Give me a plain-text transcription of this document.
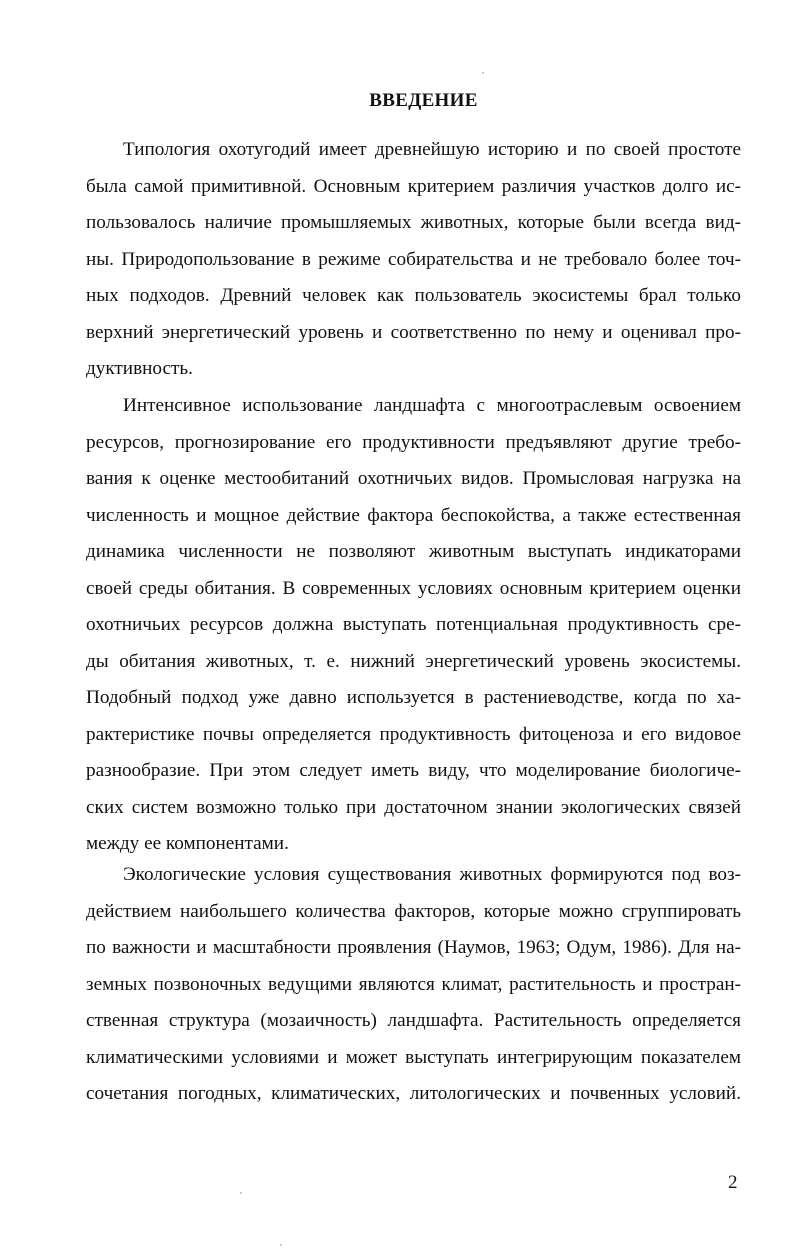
ВВЕДЕНИЕ

Типология охотугодий имеет древнейшую историю и по своей простоте
была самой примитивной. Основным критерием различия участков долго ис-
пользовалось наличие промышляемых животных, которые были всегда вид-
ны. Природопользование в режиме собирательства и не требовало более точ-
ных подходов. Древний человек как пользователь экосистемы брал только
верхний энергетический уровень и соответственно по нему и оценивал про-
дуктивность.

Интенсивное использование ландшафта с многоотраслевым освоением
ресурсов, прогнозирование его продуктивности предъявляют другие требо-
вания к оценке местообитаний охотничьих видов. Промысловая нагрузка на
численность и мощное действие фактора беспокойства, а также естественная
динамика численности не позволяют животным выступать индикаторами
своей среды обитания. В современных условиях основным критерием оценки
охотничьих ресурсов должна выступать потенциальная продуктивность сре-
ды обитания животных, т. е. нижний энергетический уровень экосистемы.
Подобный подход уже давно используется в растениеводстве, когда по ха-
рактеристике почвы определяется продуктивность фитоценоза и его видовое
разнообразие. При этом следует иметь виду, что моделирование биологиче-
ских систем возможно только при достаточном знании экологических связей
между ее компонентами.

Экологические условия существования животных формируются под воз-
действием наибольшего количества факторов, которые можно сгруппировать
по важности и масштабности проявления (Наумов, 1963; Одум, 1986). Для на-
земных позвоночных ведущими являются климат, растительность и простран-
ственная структура (мозаичность) ландшафта. Растительность определяется
климатическими условиями и может выступать интегрирующим показателем
сочетания погодных, климатических, литологических и почвенных условий.

2
